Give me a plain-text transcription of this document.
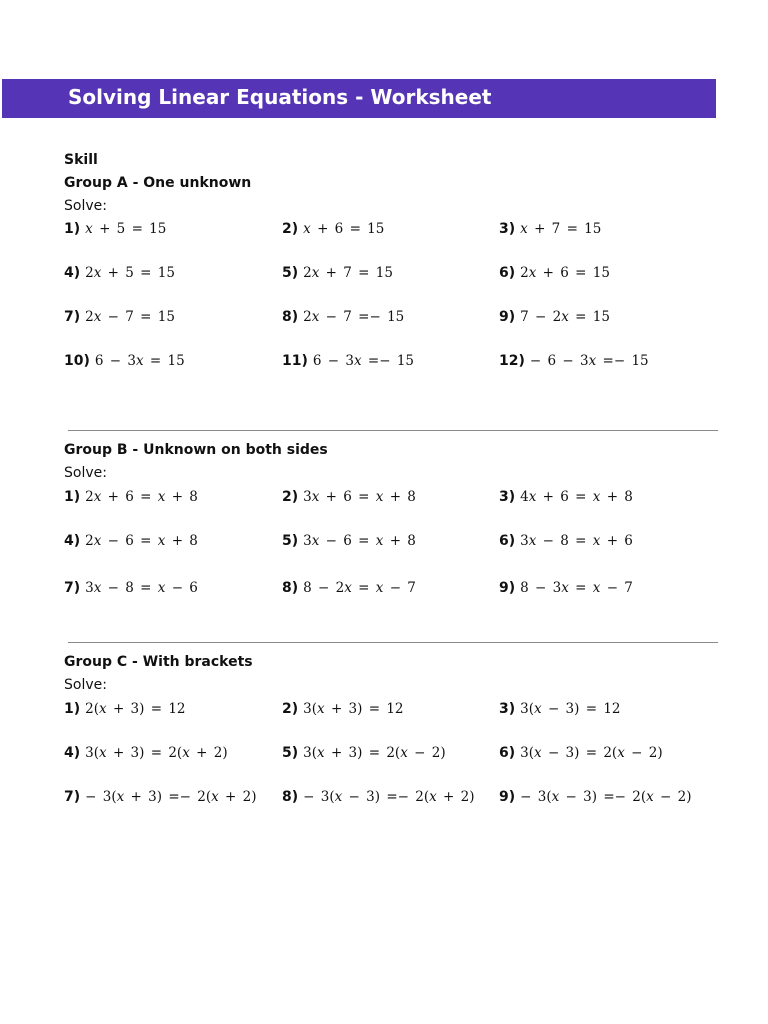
Solving Linear Equations - Worksheet
Skill
Group A - One unknown
Solve:
1) x + 5 = 15	2) x + 6 = 15	3) x + 7 = 15
4) 2x + 5 = 15	5) 2x + 7 = 15	6) 2x + 6 = 15
7) 2x − 7 = 15	8) 2x − 7 =− 15	9) 7 − 2x = 15
10) 6 − 3x = 15	11) 6 − 3x =− 15	12) − 6 − 3x =− 15
Group B - Unknown on both sides
Solve:
1) 2x + 6 = x + 8	2) 3x + 6 = x + 8	3) 4x + 6 = x + 8
4) 2x − 6 = x + 8	5) 3x − 6 = x + 8	6) 3x − 8 = x + 6
7) 3x − 8 = x − 6	8) 8 − 2x = x − 7	9) 8 − 3x = x − 7
Group C - With brackets
Solve:
1) 2(x + 3) = 12	2) 3(x + 3) = 12	3) 3(x − 3) = 12
4) 3(x + 3) = 2(x + 2)	5) 3(x + 3) = 2(x − 2)	6) 3(x − 3) = 2(x − 2)
7) − 3(x + 3) =− 2(x + 2) 8) − 3(x − 3) =− 2(x + 2) 9) − 3(x − 3) =− 2(x − 2)
